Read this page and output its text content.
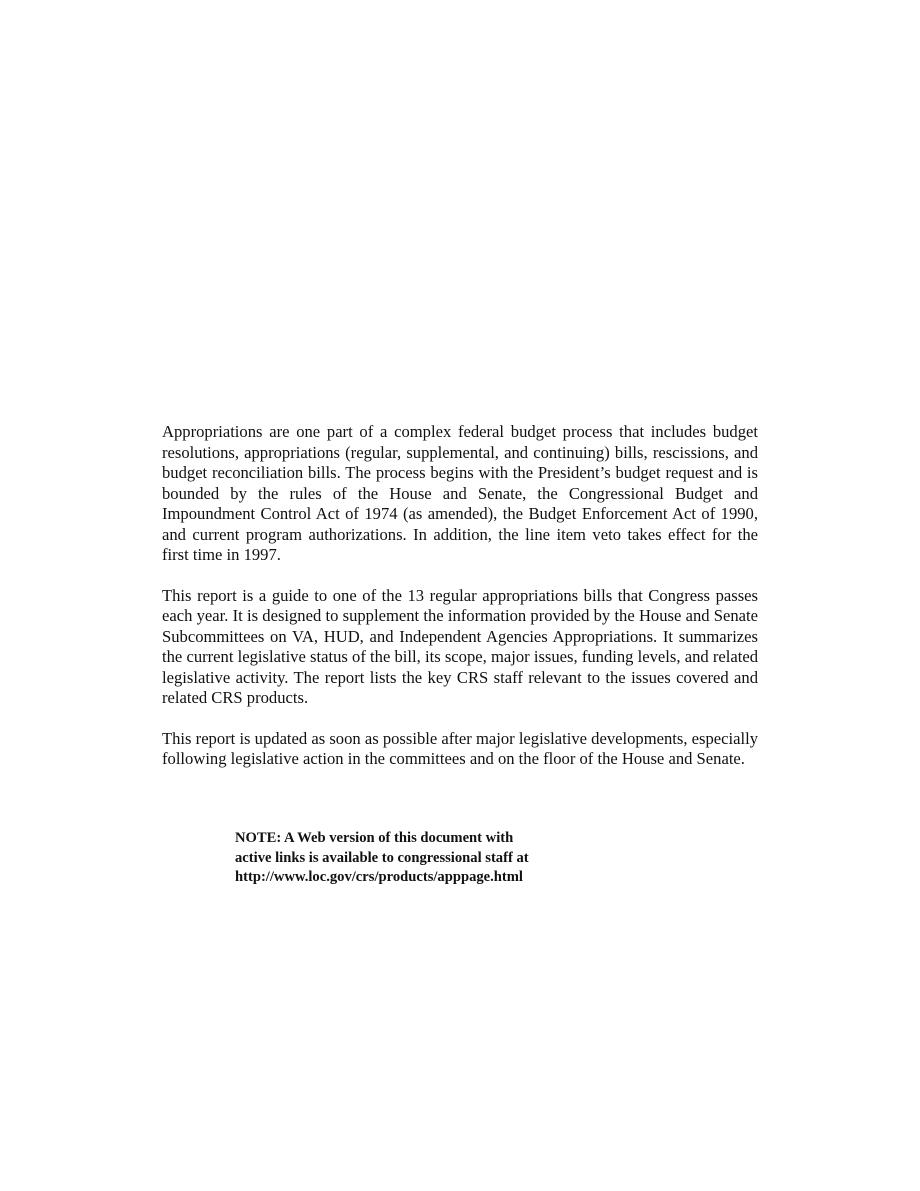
Appropriations are one part of a complex federal budget process that includes budget resolutions, appropriations (regular, supplemental, and continuing) bills, rescissions, and budget reconciliation bills. The process begins with the President’s budget request and is bounded by the rules of the House and Senate, the Congressional Budget and Impoundment Control Act of 1974 (as amended), the Budget Enforcement Act of 1990, and current program authorizations. In addition, the line item veto takes effect for the first time in 1997.

This report is a guide to one of the 13 regular appropriations bills that Congress passes each year. It is designed to supplement the information provided by the House and Senate Subcommittees on VA, HUD, and Independent Agencies Appropriations. It summarizes the current legislative status of the bill, its scope, major issues, funding levels, and related legislative activity. The report lists the key CRS staff relevant to the issues covered and related CRS products.

This report is updated as soon as possible after major legislative developments, especially following legislative action in the committees and on the floor of the House and Senate.

NOTE: A Web version of this document with
active links is available to congressional staff at
http://www.loc.gov/crs/products/apppage.html
